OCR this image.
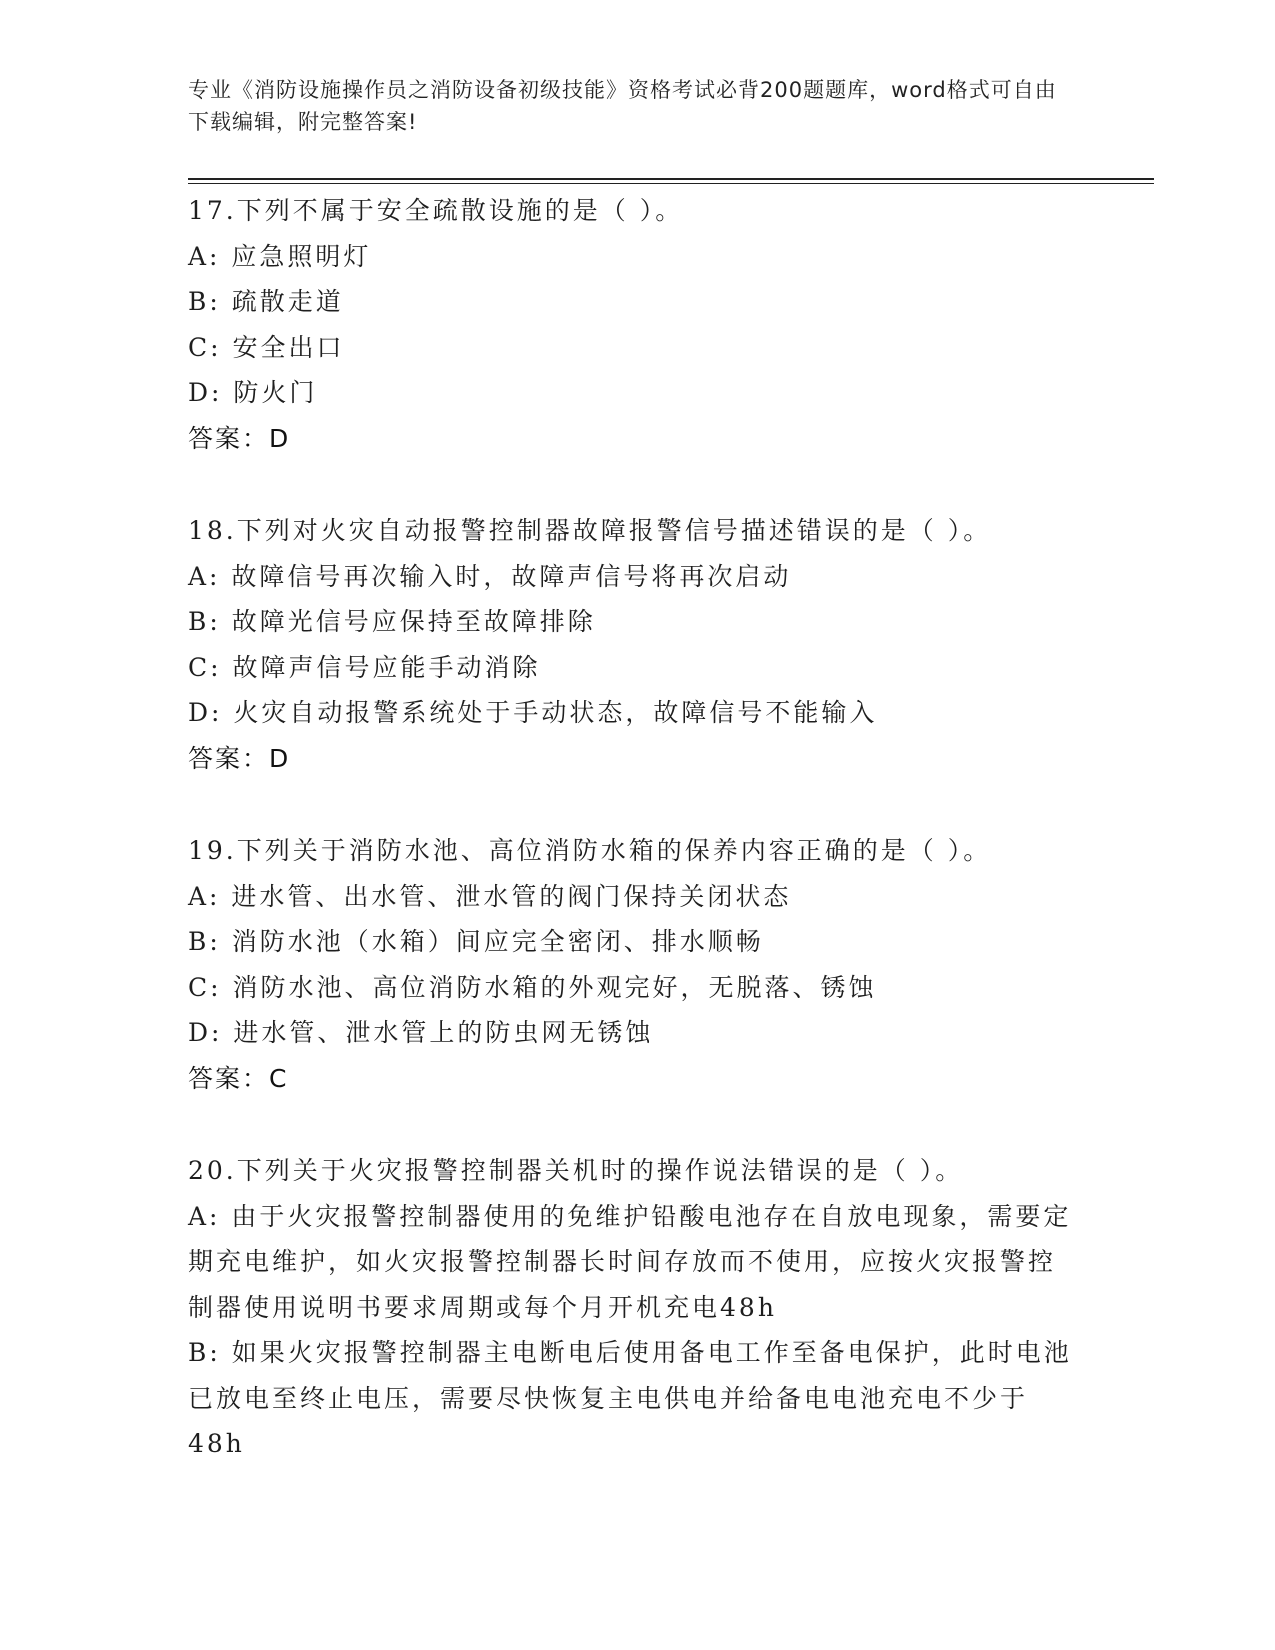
专业《消防设施操作员之消防设备初级技能》资格考试必背200题题库，word格式可自由下载编辑，附完整答案!
17.下列不属于安全疏散设施的是（ ）。
A: 应急照明灯
B: 疏散走道
C: 安全出口
D: 防火门
答案：D
18.下列对火灾自动报警控制器故障报警信号描述错误的是（ ）。
A: 故障信号再次输入时，故障声信号将再次启动
B: 故障光信号应保持至故障排除
C: 故障声信号应能手动消除
D: 火灾自动报警系统处于手动状态，故障信号不能输入
答案：D
19.下列关于消防水池、高位消防水箱的保养内容正确的是（ ）。
A: 进水管、出水管、泄水管的阀门保持关闭状态
B: 消防水池（水箱）间应完全密闭、排水顺畅
C: 消防水池、高位消防水箱的外观完好，无脱落、锈蚀
D: 进水管、泄水管上的防虫网无锈蚀
答案：C
20.下列关于火灾报警控制器关机时的操作说法错误的是（ ）。
A: 由于火灾报警控制器使用的免维护铅酸电池存在自放电现象，需要定期充电维护，如火灾报警控制器长时间存放而不使用，应按火灾报警控制器使用说明书要求周期或每个月开机充电48h
B: 如果火灾报警控制器主电断电后使用备电工作至备电保护，此时电池已放电至终止电压，需要尽快恢复主电供电并给备电电池充电不少于48h
